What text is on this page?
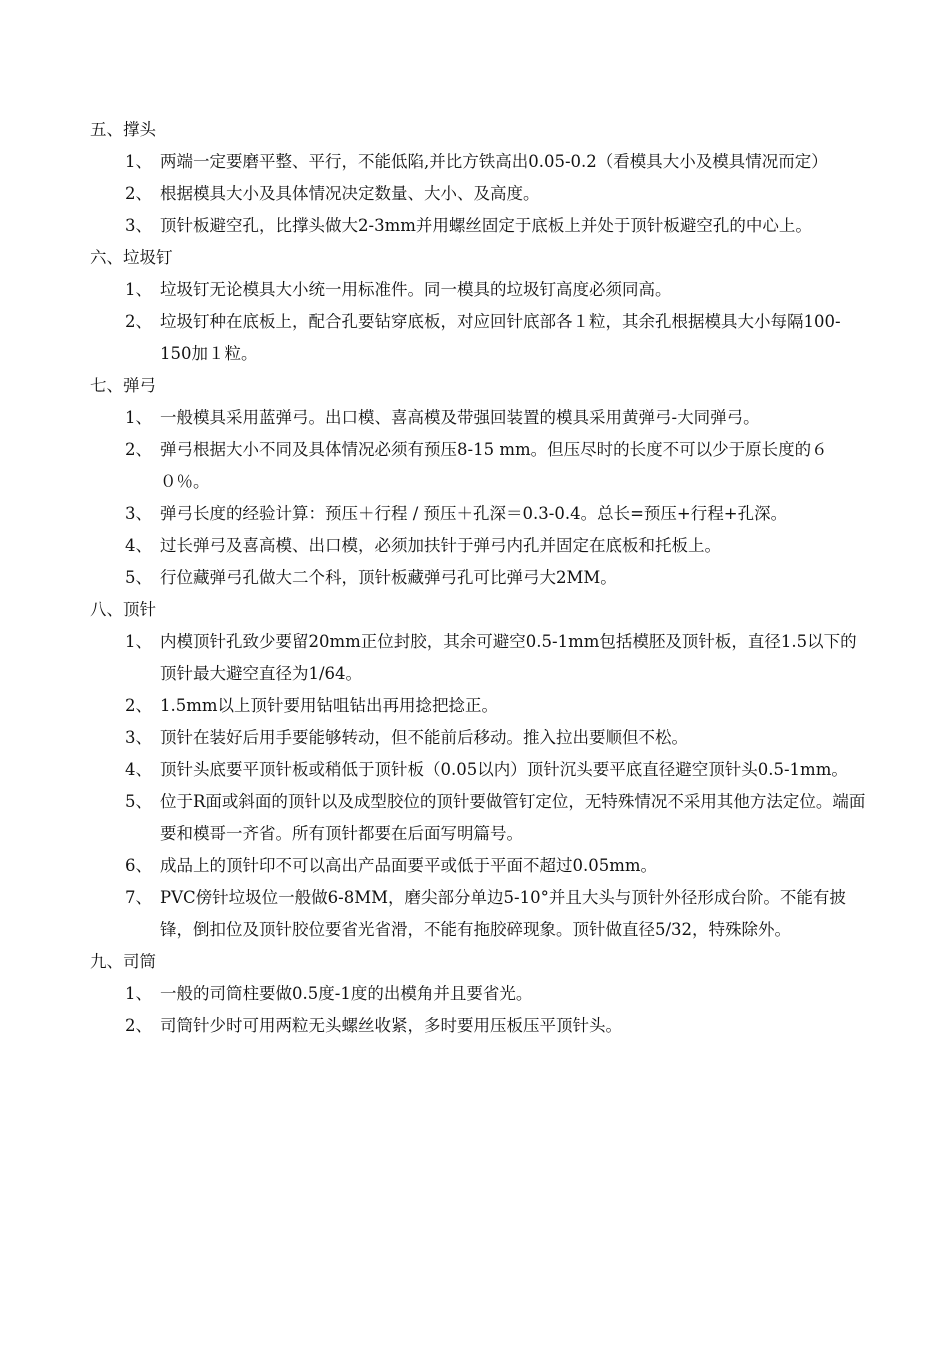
五、撑头
1、 两端一定要磨平整、平行，不能低陷,并比方铁高出0.05-0.2（看模具大小及模具情况而定）
2、 根据模具大小及具体情况决定数量、大小、及高度。
3、 顶针板避空孔，比撑头做大2-3mm并用螺丝固定于底板上并处于顶针板避空孔的中心上。
六、垃圾钉
1、 垃圾钉无论模具大小统一用标准件。同一模具的垃圾钉高度必须同高。
2、 垃圾钉种在底板上，配合孔要钻穿底板，对应回针底部各１粒，其余孔根据模具大小每隔100-150加１粒。
七、弹弓
1、 一般模具采用蓝弹弓。出口模、喜高模及带强回装置的模具采用黄弹弓-大同弹弓。
2、 弹弓根据大小不同及具体情况必须有预压8-15 mm。但压尽时的长度不可以少于原长度的６０％。
3、 弹弓长度的经验计算：预压＋行程 / 预压＋孔深＝0.3-0.4。总长=预压+行程+孔深。
4、 过长弹弓及喜高模、出口模，必须加扶针于弹弓内孔并固定在底板和托板上。
5、 行位藏弹弓孔做大二个科，顶针板藏弹弓孔可比弹弓大2MM。
八、顶针
1、 内模顶针孔致少要留20mm正位封胶，其余可避空0.5-1mm包括模胚及顶针板，直径1.5以下的顶针最大避空直径为1/64。
2、 1.5mm以上顶针要用钻咀钻出再用捻把捻正。
3、 顶针在装好后用手要能够转动，但不能前后移动。推入拉出要顺但不松。
4、 顶针头底要平顶针板或稍低于顶针板（0.05以内）顶针沉头要平底直径避空顶针头0.5-1mm。
5、 位于R面或斜面的顶针以及成型胶位的顶针要做管钉定位，无特殊情况不采用其他方法定位。端面要和模哥一齐省。所有顶针都要在后面写明篇号。
6、 成品上的顶针印不可以高出产品面要平或低于平面不超过0.05mm。
7、 PVC傍针垃圾位一般做6-8MM，磨尖部分单边5-10°并且大头与顶针外径形成台阶。不能有披锋，倒扣位及顶针胶位要省光省滑，不能有拖胶碎现象。顶针做直径5/32，特殊除外。
九、司筒
1、 一般的司筒柱要做0.5度-1度的出模角并且要省光。
2、 司筒针少时可用两粒无头螺丝收紧，多时要用压板压平顶针头。
